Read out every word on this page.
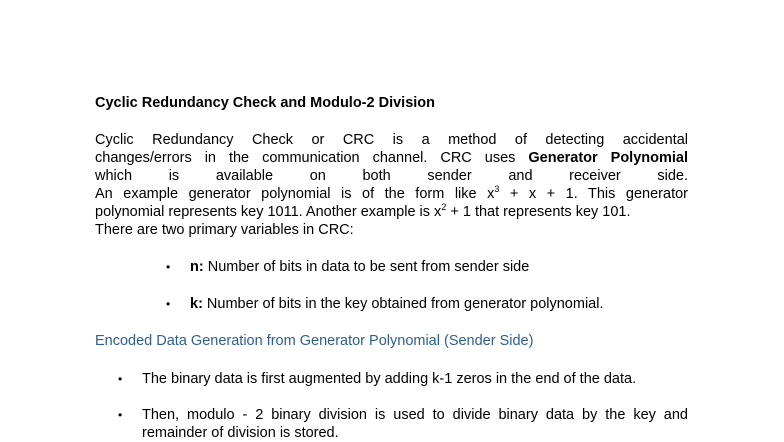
Cyclic Redundancy Check and Modulo-2 Division
Cyclic Redundancy Check or CRC is a method of detecting accidental
changes/errors in the communication channel. CRC uses Generator Polynomial
which is available on both sender and receiver side.
An example generator polynomial is of the form like $x^3 + x + 1$. This generator
polynomial represents key 1011. Another example is $x^2 + 1$ that represents key 101.
There are two primary variables in CRC:
• n: Number of bits in data to be sent from sender side
• k: Number of bits in the key obtained from generator polynomial.
Encoded Data Generation from Generator Polynomial (Sender Side)
• The binary data is first augmented by adding k-1 zeros in the end of the data.
• Then, modulo - 2 binary division is used to divide binary data by the key and
remainder of division is stored.
